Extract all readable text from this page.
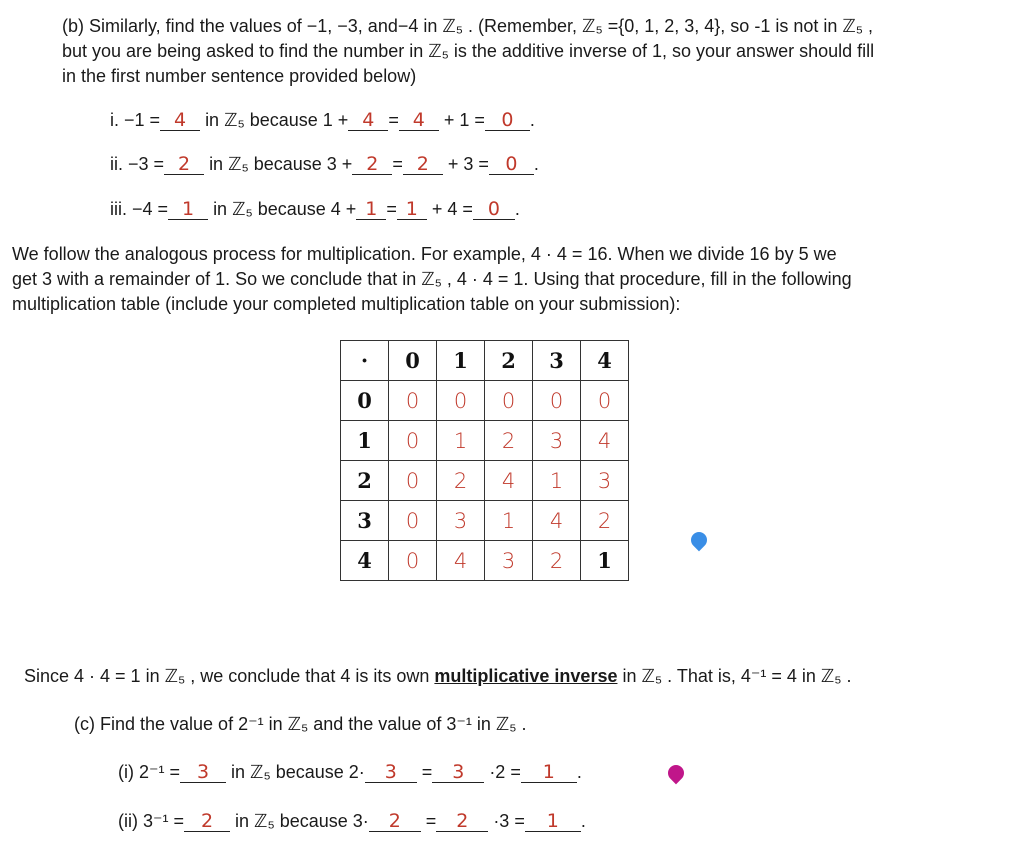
(b) Similarly, find the values of −1, −3, and−4 in ℤ₅ . (Remember, ℤ₅ ={0, 1, 2, 3, 4}, so -1 is not in ℤ₅ ,
but you are being asked to find the number in ℤ₅ is the additive inverse of 1, so your answer should fill
in the first number sentence provided below)
i. −1 = 4 in ℤ₅ because 1 + 4 = 4 + 1 = 0 .
ii. −3 = 2 in ℤ₅ because 3 + 2 = 2 + 3 = 0 .
iii. −4 = 1 in ℤ₅ because 4 + 1 = 1 + 4 = 0 .
We follow the analogous process for multiplication. For example, 4 · 4 = 16. When we divide 16 by 5 we
get 3 with a remainder of 1. So we conclude that in ℤ₅ , 4 · 4 = 1. Using that procedure, fill in the following
multiplication table (include your completed multiplication table on your submission):
·	0	1	2	3	4
0	0	0	0	0	0
1	0	1	2	3	4
2	0	2	4	1	3
3	0	3	1	4	2
4	0	4	3	2	1
Since 4 · 4 = 1 in ℤ₅ , we conclude that 4 is its own multiplicative inverse in ℤ₅ . That is, 4⁻¹ = 4 in ℤ₅ .
(c) Find the value of 2⁻¹ in ℤ₅ and the value of 3⁻¹ in ℤ₅ .
(i) 2⁻¹ = 3 in ℤ₅ because 2· 3 = 3 ·2 = 1 .
(ii) 3⁻¹ = 2 in ℤ₅ because 3· 2 = 2 ·3 = 1 .
